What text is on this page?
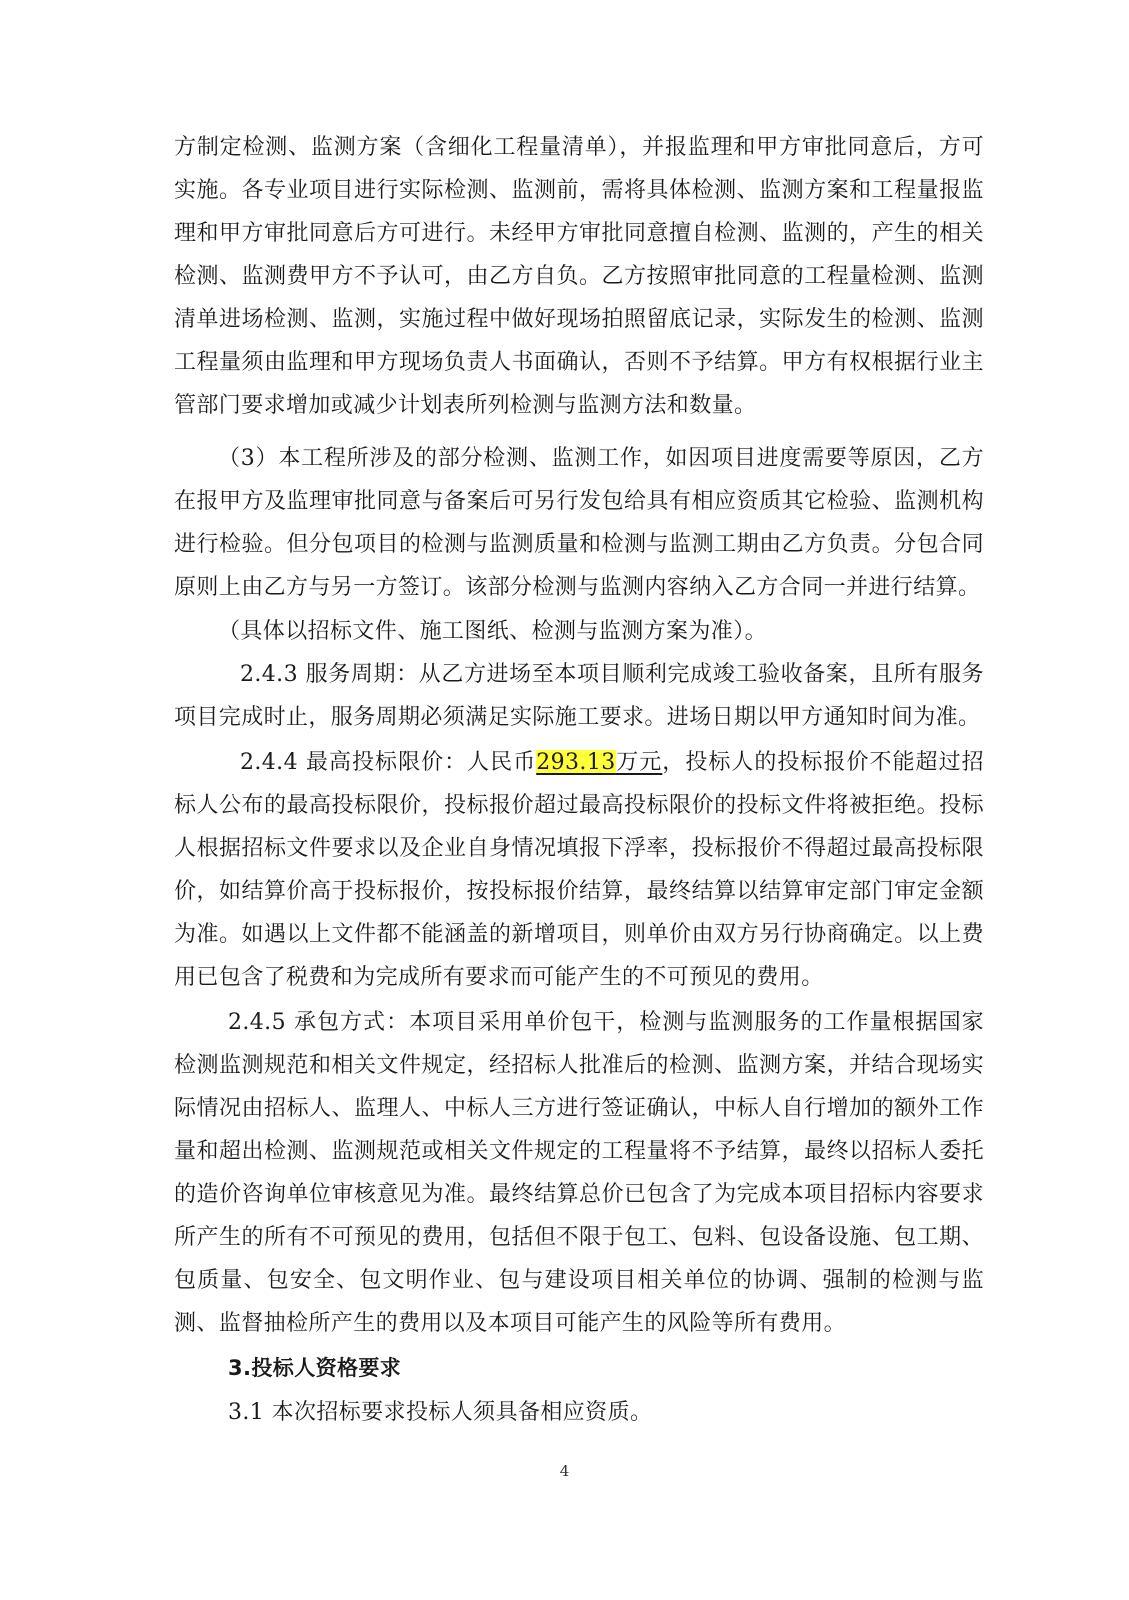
方制定检测、监测方案（含细化工程量清单），并报监理和甲方审批同意后，方可实施。各专业项目进行实际检测、监测前，需将具体检测、监测方案和工程量报监理和甲方审批同意后方可进行。未经甲方审批同意擅自检测、监测的，产生的相关检测、监测费甲方不予认可，由乙方自负。乙方按照审批同意的工程量检测、监测清单进场检测、监测，实施过程中做好现场拍照留底记录，实际发生的检测、监测工程量须由监理和甲方现场负责人书面确认，否则不予结算。甲方有权根据行业主管部门要求增加或减少计划表所列检测与监测方法和数量。

（3）本工程所涉及的部分检测、监测工作，如因项目进度需要等原因，乙方在报甲方及监理审批同意与备案后可另行发包给具有相应资质其它检验、监测机构进行检验。但分包项目的检测与监测质量和检测与监测工期由乙方负责。分包合同原则上由乙方与另一方签订。该部分检测与监测内容纳入乙方合同一并进行结算。

（具体以招标文件、施工图纸、检测与监测方案为准）。

2.4.3 服务周期：从乙方进场至本项目顺利完成竣工验收备案，且所有服务项目完成时止，服务周期必须满足实际施工要求。进场日期以甲方通知时间为准。

2.4.4 最高投标限价：人民币293.13万元，投标人的投标报价不能超过招标人公布的最高投标限价，投标报价超过最高投标限价的投标文件将被拒绝。投标人根据招标文件要求以及企业自身情况填报下浮率，投标报价不得超过最高投标限价，如结算价高于投标报价，按投标报价结算，最终结算以结算审定部门审定金额为准。如遇以上文件都不能涵盖的新增项目，则单价由双方另行协商确定。以上费用已包含了税费和为完成所有要求而可能产生的不可预见的费用。

2.4.5 承包方式：本项目采用单价包干，检测与监测服务的工作量根据国家检测监测规范和相关文件规定，经招标人批准后的检测、监测方案，并结合现场实际情况由招标人、监理人、中标人三方进行签证确认，中标人自行增加的额外工作量和超出检测、监测规范或相关文件规定的工程量将不予结算，最终以招标人委托的造价咨询单位审核意见为准。最终结算总价已包含了为完成本项目招标内容要求所产生的所有不可预见的费用，包括但不限于包工、包料、包设备设施、包工期、包质量、包安全、包文明作业、包与建设项目相关单位的协调、强制的检测与监测、监督抽检所产生的费用以及本项目可能产生的风险等所有费用。

3.投标人资格要求

3.1 本次招标要求投标人须具备相应资质。

4
